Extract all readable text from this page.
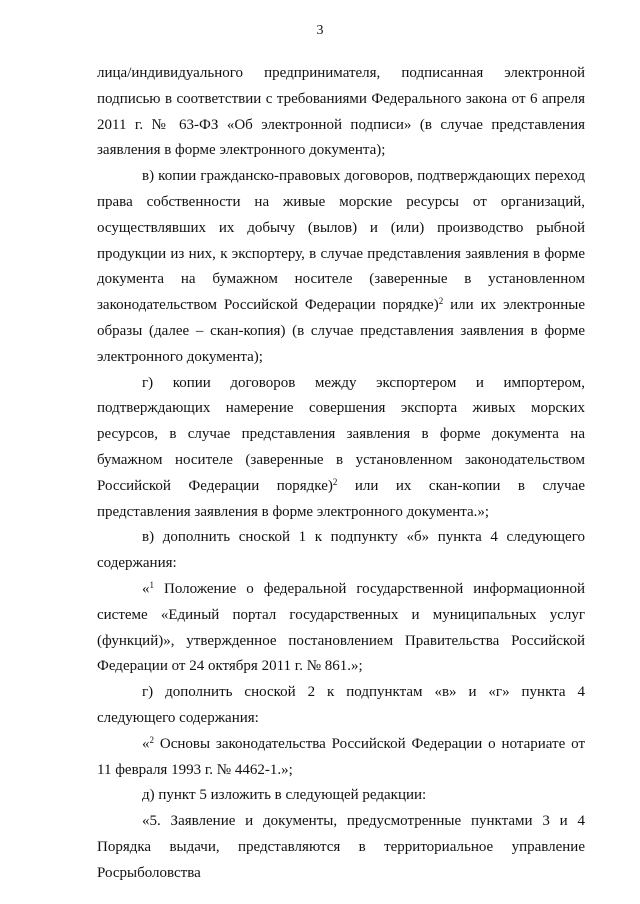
3

лица/индивидуального предпринимателя, подписанная электронной подписью в соответствии с требованиями Федерального закона от 6 апреля 2011 г. № 63-ФЗ «Об электронной подписи» (в случае представления заявления в форме электронного документа);

в) копии гражданско-правовых договоров, подтверждающих переход права собственности на живые морские ресурсы от организаций, осуществлявших их добычу (вылов) и (или) производство рыбной продукции из них, к экспортеру, в случае представления заявления в форме документа на бумажном носителе (заверенные в установленном законодательством Российской Федерации порядке)$^2$ или их электронные образы (далее – скан-копия) (в случае представления заявления в форме электронного документа);

г) копии договоров между экспортером и импортером, подтверждающих намерение совершения экспорта живых морских ресурсов, в случае представления заявления в форме документа на бумажном носителе (заверенные в установленном законодательством Российской Федерации порядке)$^2$ или их скан-копии в случае представления заявления в форме электронного документа.»;

в) дополнить сноской 1 к подпункту «б» пункта 4 следующего содержания:

«$^1$ Положение о федеральной государственной информационной системе «Единый портал государственных и муниципальных услуг (функций)», утвержденное постановлением Правительства Российской Федерации от 24 октября 2011 г. № 861.»;

г) дополнить сноской 2 к подпунктам «в» и «г» пункта 4 следующего содержания:

«$^2$ Основы законодательства Российской Федерации о нотариате от 11 февраля 1993 г. № 4462-1.»;

д) пункт 5 изложить в следующей редакции:

«5. Заявление и документы, предусмотренные пунктами 3 и 4 Порядка выдачи, представляются в территориальное управление Росрыболовства
